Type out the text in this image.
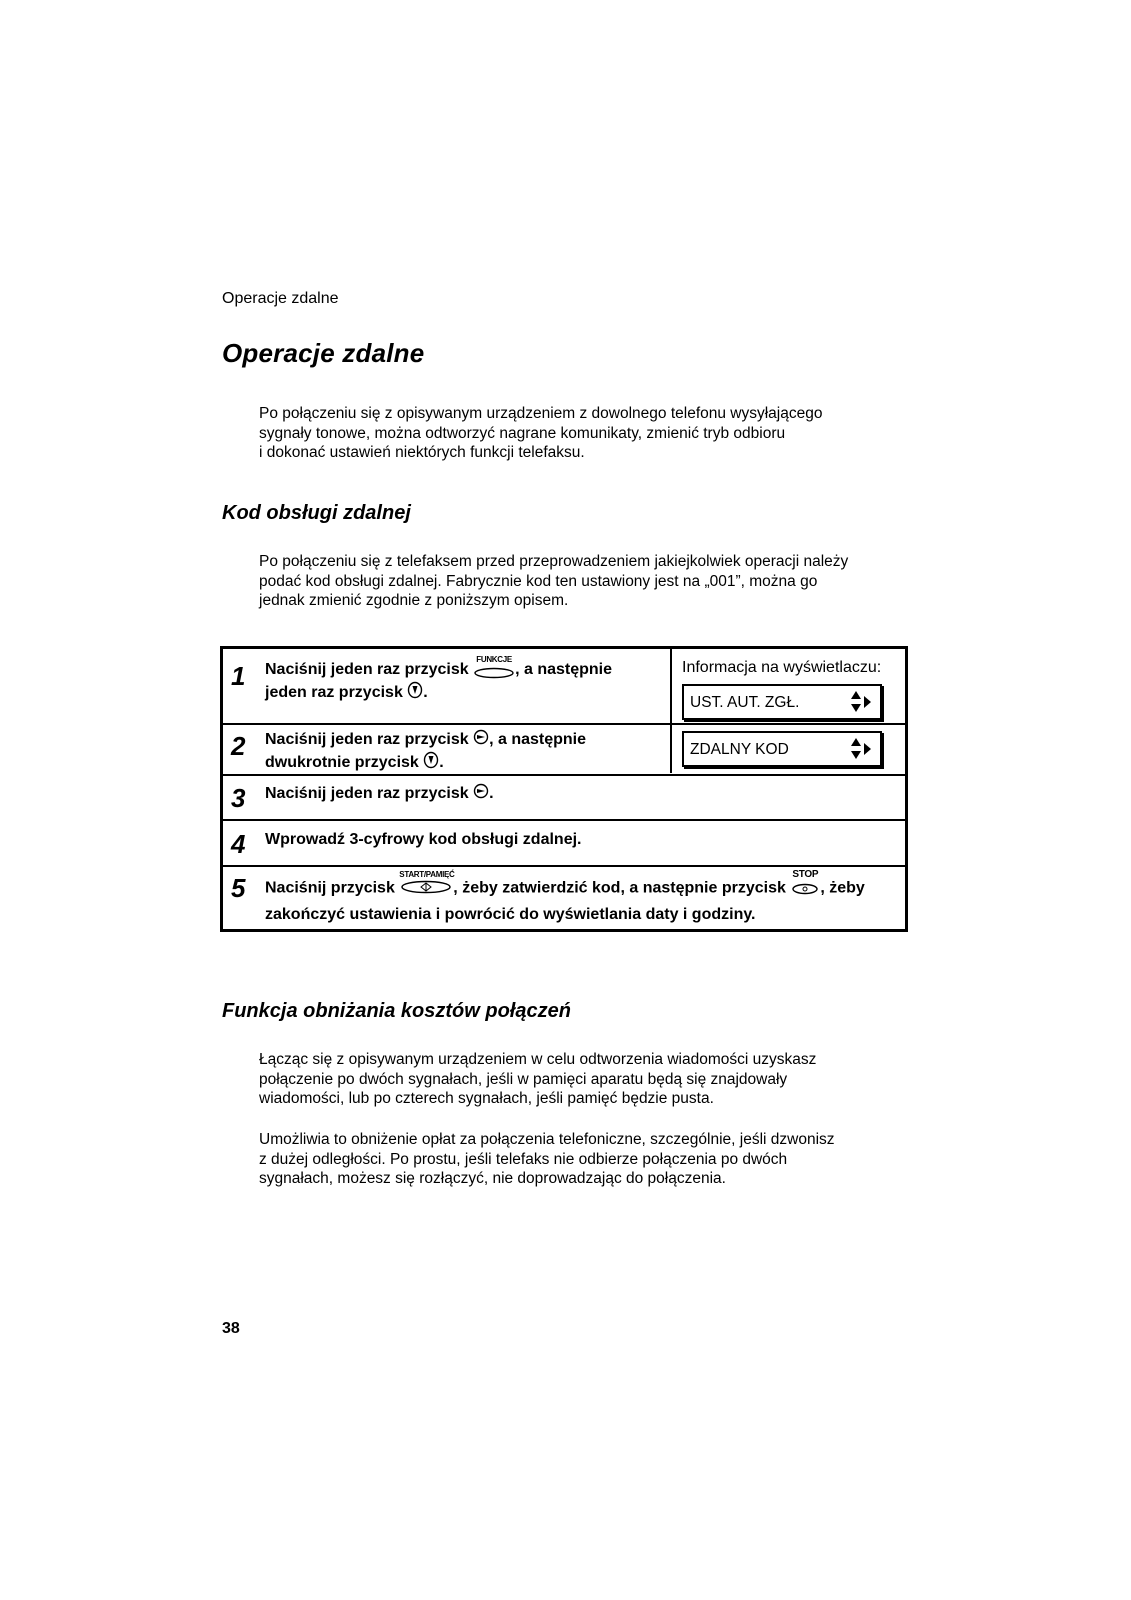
Operacje zdalne
Operacje zdalne
Po połączeniu się z opisywanym urządzeniem z dowolnego telefonu wysyłającego
sygnały tonowe, można odtworzyć nagrane komunikaty, zmienić tryb odbioru
i dokonać ustawień niektórych funkcji telefaksu.
Kod obsługi zdalnej
Po połączeniu się z telefaksem przed przeprowadzeniem jakiejkolwiek operacji należy
podać kod obsługi zdalnej. Fabrycznie kod ten ustawiony jest na „001”, można go
jednak zmienić zgodnie z poniższym opisem.
1 Naciśnij jeden raz przycisk
FUNKCJE
, a następnie
jeden raz przycisk .
Informacja na wyświetlaczu:
UST. AUT. ZGŁ.
2 Naciśnij jeden raz przycisk , a następnie
dwukrotnie przycisk .
ZDALNY KOD
3 Naciśnij jeden raz przycisk .
4 Wprowadź 3-cyfrowy kod obsługi zdalnej.
5 Naciśnij przycisk
START/PAMIĘĆ
, żeby zatwierdzić kod, a następnie przycisk
STOP
, żeby
zakończyć ustawienia i powrócić do wyświetlania daty i godziny.
Funkcja obniżania kosztów połączeń
Łącząc się z opisywanym urządzeniem w celu odtworzenia wiadomości uzyskasz
połączenie po dwóch sygnałach, jeśli w pamięci aparatu będą się znajdowały
wiadomości, lub po czterech sygnałach, jeśli pamięć będzie pusta.
Umożliwia to obniżenie opłat za połączenia telefoniczne, szczególnie, jeśli dzwonisz
z dużej odległości. Po prostu, jeśli telefaks nie odbierze połączenia po dwóch
sygnałach, możesz się rozłączyć, nie doprowadzając do połączenia.
38
